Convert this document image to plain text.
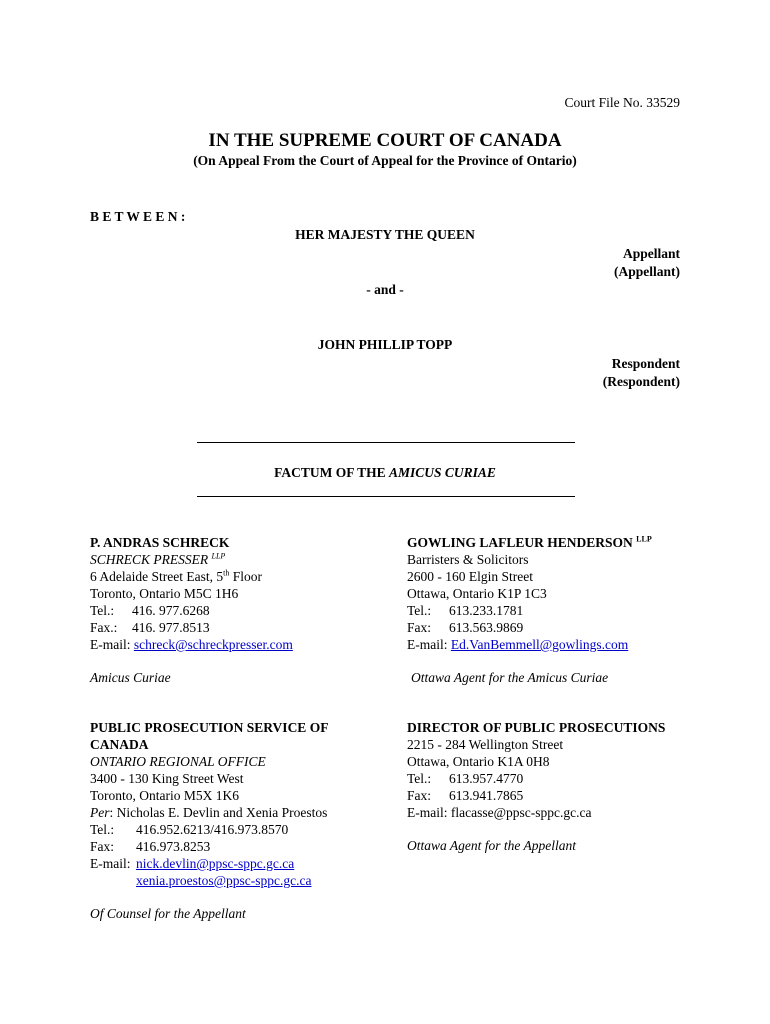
Court File No. 33529
IN THE SUPREME COURT OF CANADA
(On Appeal From the Court of Appeal for the Province of Ontario)
B E T W E E N :
HER MAJESTY THE QUEEN
Appellant
(Appellant)
- and -
JOHN PHILLIP TOPP
Respondent
(Respondent)
FACTUM OF THE AMICUS CURIAE
P. ANDRAS SCHRECK
SCHRECK PRESSER $^{LLP}$
6 Adelaide Street East, 5th Floor
Toronto, Ontario M5C 1H6
Tel.: 416. 977.6268
Fax.: 416. 977.8513
E-mail: schreck@schreckpresser.com
Amicus Curiae
GOWLING LAFLEUR HENDERSON $^{LLP}$
Barristers & Solicitors
2600 - 160 Elgin Street
Ottawa, Ontario K1P 1C3
Tel.: 613.233.1781
Fax: 613.563.9869
E-mail: Ed.VanBemmell@gowlings.com
Ottawa Agent for the Amicus Curiae
PUBLIC PROSECUTION SERVICE OF
CANADA
ONTARIO REGIONAL OFFICE
3400 - 130 King Street West
Toronto, Ontario M5X 1K6
Per: Nicholas E. Devlin and Xenia Proestos
Tel.: 416.952.6213/416.973.8570
Fax: 416.973.8253
E-mail:nick.devlin@ppsc-sppc.gc.ca
xenia.proestos@ppsc-sppc.gc.ca
Of Counsel for the Appellant
DIRECTOR OF PUBLIC PROSECUTIONS
2215 - 284 Wellington Street
Ottawa, Ontario K1A 0H8
Tel.: 613.957.4770
Fax: 613.941.7865
E-mail: flacasse@ppsc-sppc.gc.ca
Ottawa Agent for the Appellant
